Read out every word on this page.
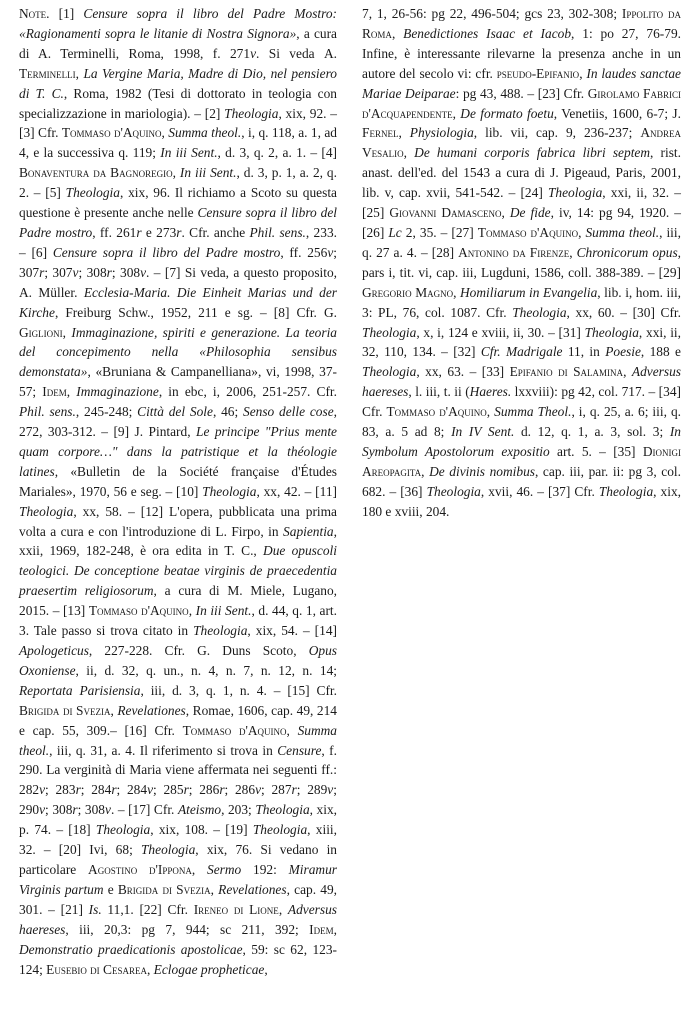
Note. [1] Censure sopra il libro del Padre Mostro: «Ragionamenti sopra le litanie di Nostra Signora», a cura di A. Terminelli, Roma, 1998, f. 271v. Si veda A. Terminelli, La Vergine Maria, Madre di Dio, nel pensiero di T. C., Roma, 1982 (Tesi di dottorato in teologia con specializzazione in mariologia). – [2] Theologia, xix, 92. – [3] Cfr. Tommaso d'Aquino, Summa theol., i, q. 118, a. 1, ad 4, e la successiva q. 119; In iii Sent., d. 3, q. 2, a. 1. – [4] Bonaventura da Bagnoregio, In iii Sent., d. 3, p. 1, a. 2, q. 2. – [5] Theologia, xix, 96. Il richiamo a Scoto su questa questione è presente anche nelle Censure sopra il libro del Padre mostro, ff. 261r e 273r. Cfr. anche Phil. sens., 233. – [6] Censure sopra il libro del Padre mostro, ff. 256v; 307r; 307v; 308r; 308v. – [7] Si veda, a questo proposito, A. Müller. Ecclesia-Maria. Die Einheit Marias und der Kirche, Freiburg Schw., 1952, 211 e sg. – [8] Cfr. G. Giglioni, Immaginazione, spiriti e generazione. La teoria del concepimento nella «Philosophia sensibus demonstata», «Bruniana & Campanelliana», vi, 1998, 37-57; Idem, Immaginazione, in ebc, i, 2006, 251-257. Cfr. Phil. sens., 245-248; Città del Sole, 46; Senso delle cose, 272, 303-312. – [9] J. Pintard, Le principe "Prius mente quam corpore…" dans la patristique et la théologie latines, «Bulletin de la Société française d'Études Mariales», 1970, 56 e seg. – [10] Theologia, xx, 42. – [11] Theologia, xx, 58. – [12] L'opera, pubblicata una prima volta a cura e con l'introduzione di L. Firpo, in Sapientia, xxii, 1969, 182-248, è ora edita in T. C., Due opuscoli teologici. De conceptione beatae virginis de praecedentia praesertim religiosorum, a cura di M. Miele, Lugano, 2015. – [13] Tommaso d'Aquino, In iii Sent., d. 44, q. 1, art. 3. Tale passo si trova citato in Theologia, xix, 54. – [14] Apologeticus, 227-228. Cfr. G. Duns Scoto, Opus Oxoniense, ii, d. 32, q. un., n. 4, n. 7, n. 12, n. 14; Reportata Parisiensia, iii, d. 3, q. 1, n. 4. – [15] Cfr. Brigida di Svezia, Revelationes, Romae, 1606, cap. 49, 214 e cap. 55, 309.– [16] Cfr. Tommaso d'Aquino, Summa theol., iii, q. 31, a. 4. Il riferimento si trova in Censure, f. 290. La verginità di Maria viene affermata nei seguenti ff.: 282v; 283r; 284r; 284v; 285r; 286r; 286v; 287r; 289v; 290v; 308r; 308v. – [17] Cfr. Ateismo, 203; Theologia, xix, p. 74. – [18] Theologia, xix, 108. – [19] Theologia, xiii, 32. – [20] Ivi, 68; Theologia, xix, 76. Si vedano in particolare Agostino d'Ippona, Sermo 192: Miramur Virginis partum e Brigida di Svezia, Revelationes, cap. 49, 301. – [21] Is. 11,1. [22] Cfr. Ireneo di Lione, Adversus haereses, iii, 20,3: pg 7, 944; sc 211, 392; Idem, Demonstratio praedicationis apostolicae, 59: sc 62, 123-124; Eusebio di Cesarea, Eclogae propheticae,

7, 1, 26-56: pg 22, 496-504; gcs 23, 302-308; Ippolito da Roma, Benedictiones Isaac et Iacob, 1: po 27, 76-79. Infine, è interessante rilevarne la presenza anche in un autore del secolo vi: cfr. pseudo-Epifanio, In laudes sanctae Mariae Deiparae: pg 43, 488. – [23] Cfr. Girolamo Fabrici d'Acquapendente, De formato foetu, Venetiis, 1600, 6-7; J. Fernel, Physiologia, lib. vii, cap. 9, 236-237; Andrea Vesalio, De humani corporis fabrica libri septem, rist. anast. dell'ed. del 1543 a cura di J. Pigeaud, Paris, 2001, lib. v, cap. xvii, 541-542. – [24] Theologia, xxi, ii, 32. – [25] Giovanni Damasceno, De fide, iv, 14: pg 94, 1920. – [26] Lc 2, 35. – [27] Tommaso d'Aquino, Summa theol., iii, q. 27 a. 4. – [28] Antonino da Firenze, Chronicorum opus, pars i, tit. vi, cap. iii, Lugduni, 1586, coll. 388-389. – [29] Gregorio Magno, Homiliarum in Evangelia, lib. i, hom. iii, 3: PL, 76, col. 1087. Cfr. Theologia, xx, 60. – [30] Cfr. Theologia, x, i, 124 e xviii, ii, 30. – [31] Theologia, xxi, ii, 32, 110, 134. – [32] Cfr. Madrigale 11, in Poesie, 188 e Theologia, xx, 63. – [33] Epifanio di Salamina, Adversus haereses, l. iii, t. ii (Haeres. lxxviii): pg 42, col. 717. – [34] Cfr. Tommaso d'Aquino, Summa Theol., i, q. 25, a. 6; iii, q. 83, a. 5 ad 8; In IV Sent. d. 12, q. 1, a. 3, sol. 3; In Symbolum Apostolorum expositio art. 5. – [35] Dionigi Areopagita, De divinis nomibus, cap. iii, par. ii: pg 3, col. 682. – [36] Theologia, xvii, 46. – [37] Cfr. Theologia, xix, 180 e xviii, 204.
